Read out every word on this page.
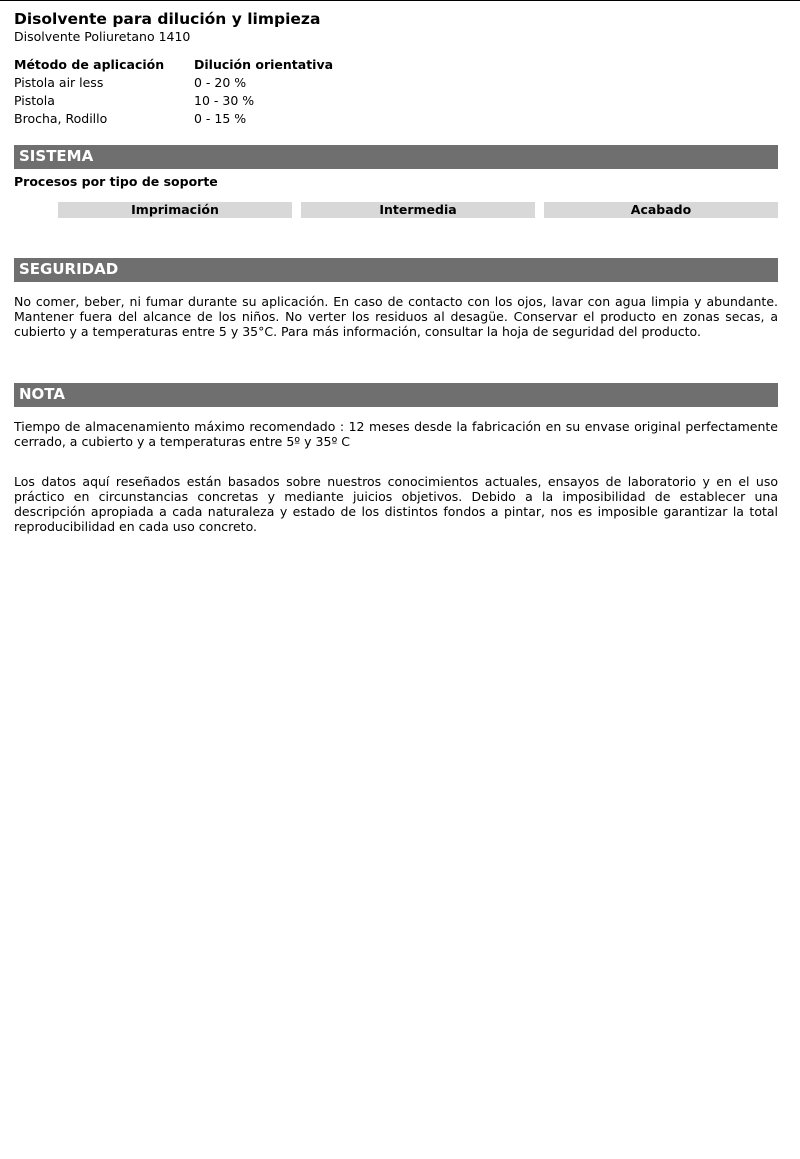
Disolvente para dilución y limpieza

Disolvente Poliuretano 1410

Método de aplicación	Dilución orientativa
Pistola air less	0 - 20 %
Pistola	10 - 30 %
Brocha, Rodillo	0 - 15 %
SISTEMA

Procesos por tipo de soporte

Imprimación	Intermedia	Acabado
SEGURIDAD

No comer, beber, ni fumar durante su aplicación. En caso de contacto con los ojos, lavar con agua limpia y abundante. Mantener fuera del alcance de los niños. No verter los residuos al desagüe. Conservar el producto en zonas secas, a cubierto y a temperaturas entre 5 y 35°C. Para más información, consultar la hoja de seguridad del producto.

NOTA

Tiempo de almacenamiento máximo recomendado : 12 meses desde la fabricación en su envase original perfectamente cerrado, a cubierto y a temperaturas entre 5º y 35º C

Los datos aquí reseñados están basados sobre nuestros conocimientos actuales, ensayos de laboratorio y en el uso práctico en circunstancias concretas y mediante juicios objetivos. Debido a la imposibilidad de establecer una descripción apropiada a cada naturaleza y estado de los distintos fondos a pintar, nos es imposible garantizar la total reproducibilidad en cada uso concreto.
